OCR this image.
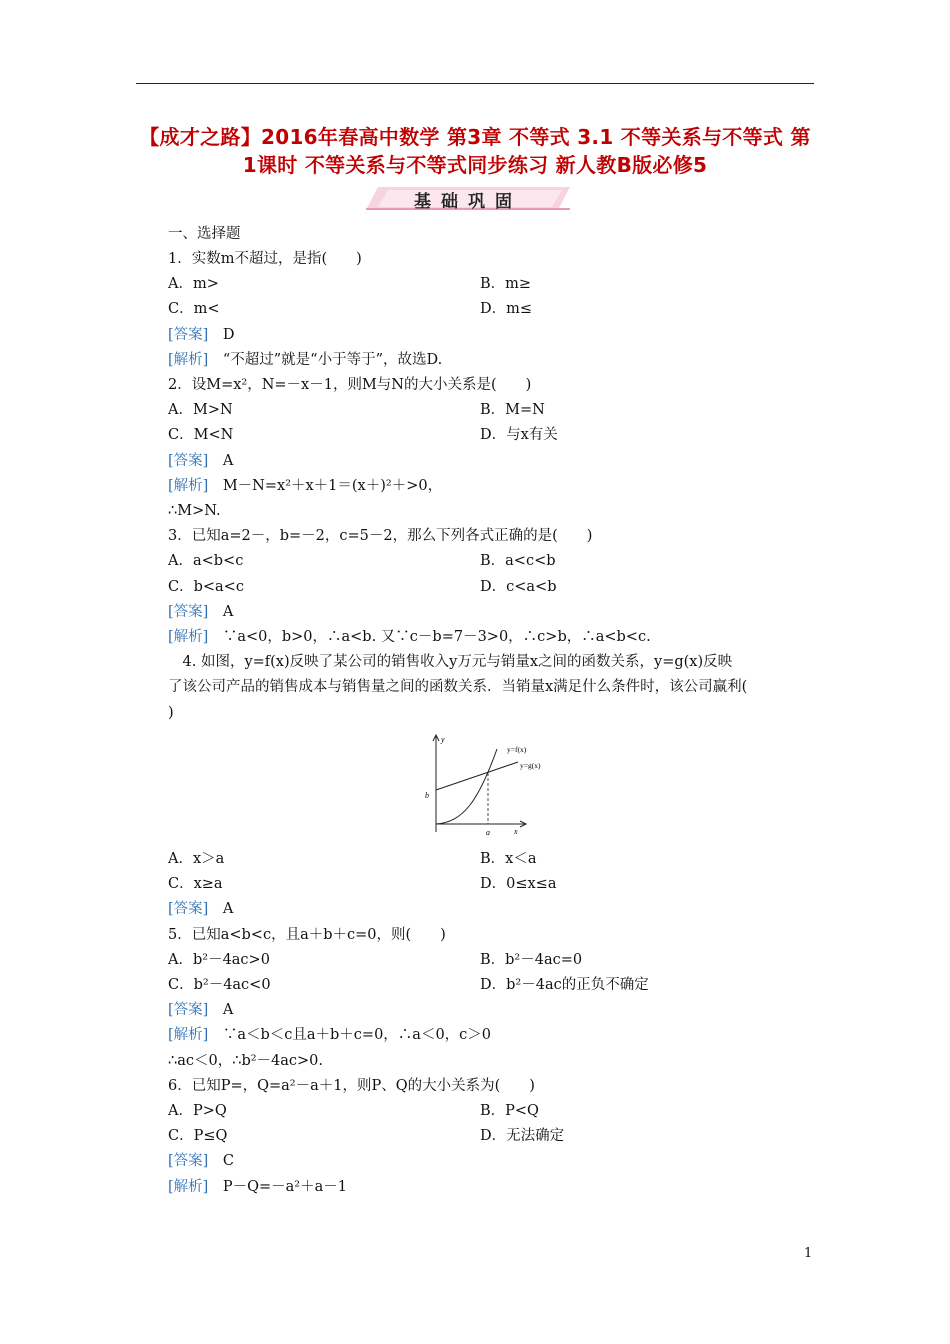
【成才之路】2016年春高中数学 第3章 不等式 3.1 不等关系与不等式 第1课时 不等关系与不等式同步练习 新人教B版必修5
基础巩固
一、选择题
1．实数m不超过，是指(　　)
A．m>	B．m≥
C．m<	D．m≤
[答案]　D
[解析]　“不超过”就是“小于等于”，故选D.
2．设M=x²，N=－x－1，则M与N的大小关系是(　　)
A．M>N	B．M=N
C．M<N	D．与x有关
[答案]　A
[解析]　M－N=x²＋x＋1＝(x＋)²＋>0，
∴M>N.
3．已知a=2－，b=－2，c=5－2，那么下列各式正确的是(　　)
A．a<b<c	B．a<c<b
C．b<a<c	D．c<a<b
[答案]　A
[解析]　∵a<0，b>0，∴a<b. 又∵c－b=7－3>0，∴c>b，∴a<b<c.
　4. 如图，y=f(x)反映了某公司的销售收入y万元与销量x之间的函数关系，y=g(x)反映
了该公司产品的销售成本与销售量之间的函数关系．当销量x满足什么条件时，该公司赢利(
)
A．x＞a	B．x＜a
C．x≥a	D．0≤x≤a
[答案]　A
5．已知a<b<c，且a＋b＋c=0，则(　　)
A．b²－4ac>0	B．b²－4ac=0
C．b²－4ac<0	D．b²－4ac的正负不确定
[答案]　A
[解析]　∵a＜b＜c且a＋b＋c=0，∴a＜0，c＞0
∴ac＜0，∴b²－4ac>0.
6．已知P=，Q=a²－a＋1，则P、Q的大小关系为(　　)
A．P>Q	B．P<Q
C．P≤Q	D．无法确定
[答案]　C
[解析]　P－Q=－a²＋a－1
y
x
y=f(x)
y=g(x)
b
a
1
